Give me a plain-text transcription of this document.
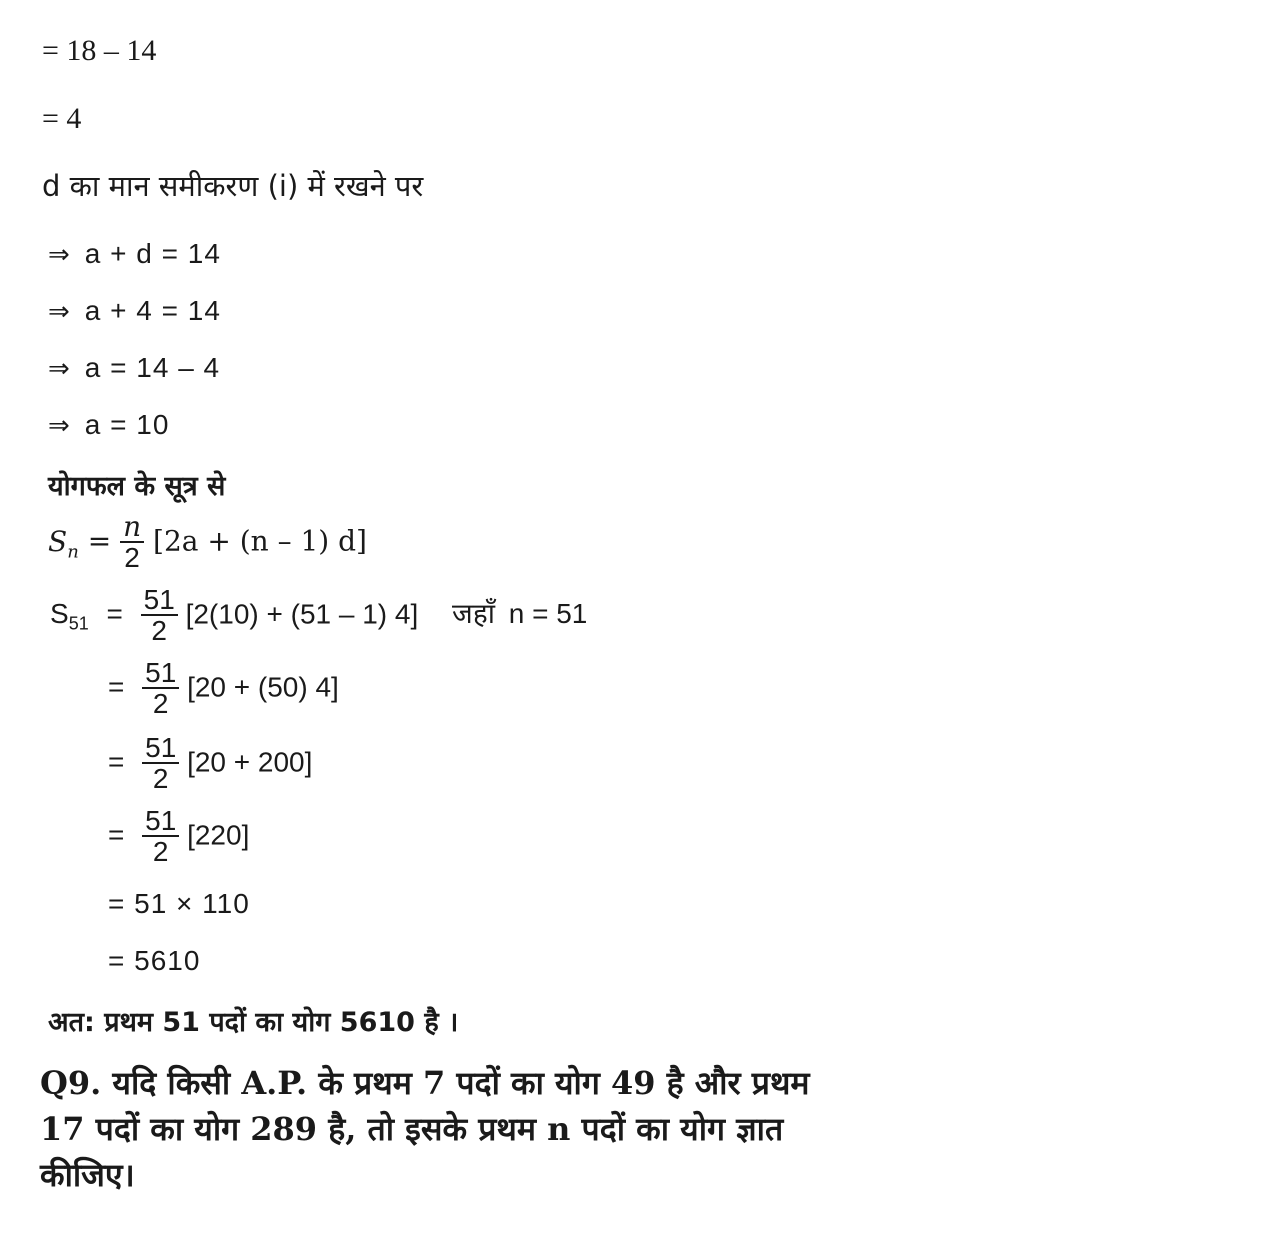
= 18 – 14
= 4
d का मान समीकरण (i) में रखने पर
⇒ a + d = 14
⇒ a + 4 = 14
⇒ a = 14 – 4
⇒ a = 10
योगफल के सूत्र से
$S_n = \frac{n}{2} [2a + (n - 1)$ d]
$S_{51} = \frac{51}{2} [2(10) + (51 - 1)$ 4] जहाँ n = 51
= $\frac{51}{2} [20 + (50)$ 4]
= $\frac{51}{2} [20 + 200]$
= $\frac{51}{2} [220]$
= 51 × 110
= 5610
अत: प्रथम 51 पदों का योग 5610 है ।
Q9. यदि किसी A.P. के प्रथम 7 पदों का योग 49 है और प्रथम 17 पदों का योग 289 है, तो इसके प्रथम n पदों का योग ज्ञात कीजिए।
